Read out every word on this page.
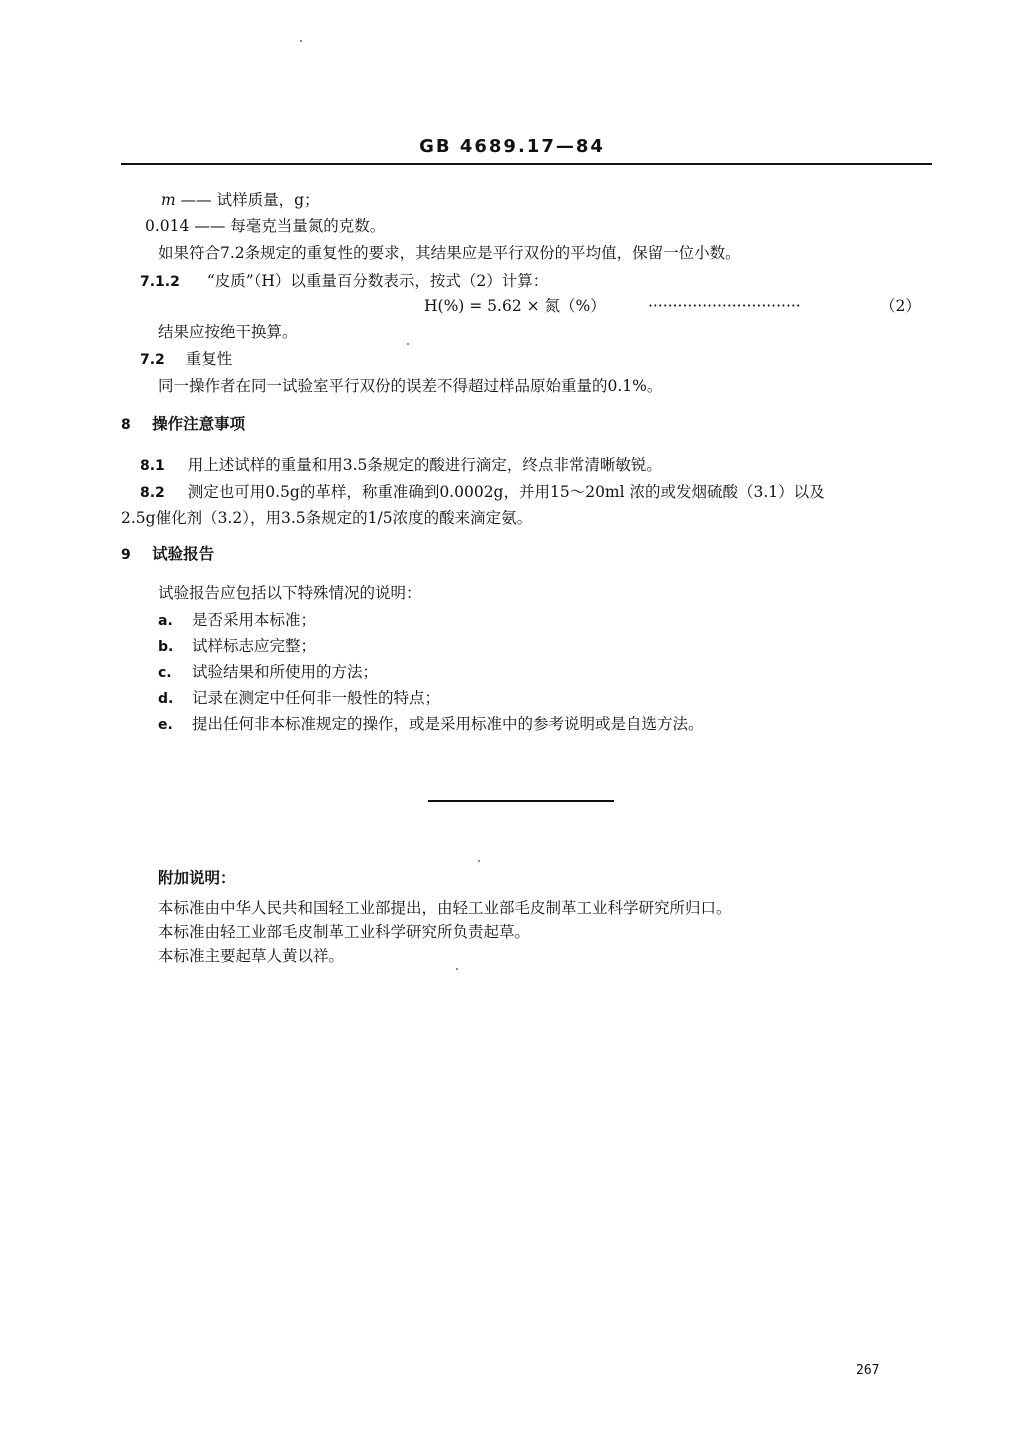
GB 4689.17—84
m —— 试样质量，g；
0.014 —— 每毫克当量氮的克数。
如果符合7.2条规定的重复性的要求，其结果应是平行双份的平均值，保留一位小数。
7.1.2 “皮质”（H）以重量百分数表示，按式（2）计算：
H(%) = 5.62 × 氮（%）	·······························	（2）
结果应按绝干换算。
7.2 重复性
同一操作者在同一试验室平行双份的误差不得超过样品原始重量的0.1%。
8 操作注意事项
8.1 用上述试样的重量和用3.5条规定的酸进行滴定，终点非常清晰敏锐。
8.2 测定也可用0.5g的革样，称重准确到0.0002g，并用15～20ml 浓的或发烟硫酸（3.1）以及
2.5g催化剂（3.2），用3.5条规定的1/5浓度的酸来滴定氨。
9 试验报告
试验报告应包括以下特殊情况的说明：
a. 是否采用本标准；
b. 试样标志应完整；
c. 试验结果和所使用的方法；
d. 记录在测定中任何非一般性的特点；
e. 提出任何非本标准规定的操作，或是采用标准中的参考说明或是自选方法。
附加说明：
本标准由中华人民共和国轻工业部提出，由轻工业部毛皮制革工业科学研究所归口。
本标准由轻工业部毛皮制革工业科学研究所负责起草。
本标准主要起草人黄以祥。
267
